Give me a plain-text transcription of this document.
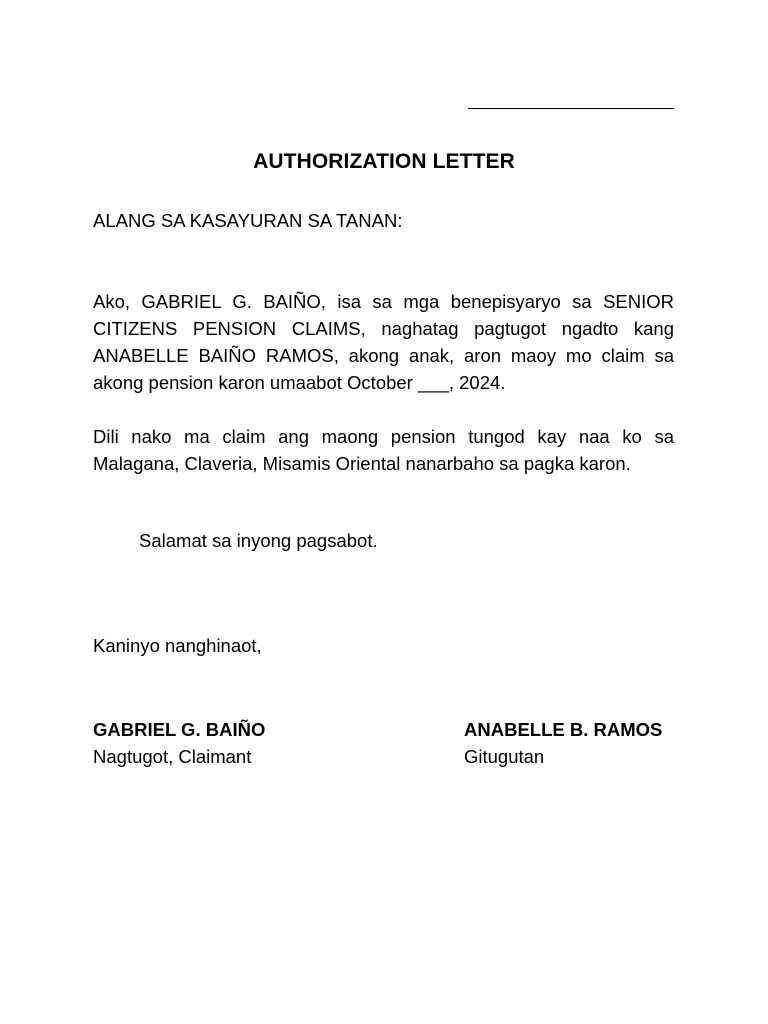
AUTHORIZATION LETTER
ALANG SA KASAYURAN SA TANAN:

Ako, GABRIEL G. BAIÑO, isa sa mga benepisyaryo sa SENIOR CITIZENS PENSION CLAIMS, naghatag pagtugot ngadto kang ANABELLE BAIÑO RAMOS, akong anak, aron maoy mo claim sa akong pension karon umaabot October ___, 2024.

Dili nako ma claim ang maong pension tungod kay naa ko sa Malagana, Claveria, Misamis Oriental nanarbaho sa pagka karon.

Salamat sa inyong pagsabot.
Kaninyo nanghinaot,
GABRIEL G. BAIÑO
Nagtugot, Claimant
ANABELLE B. RAMOS
Gitugutan
